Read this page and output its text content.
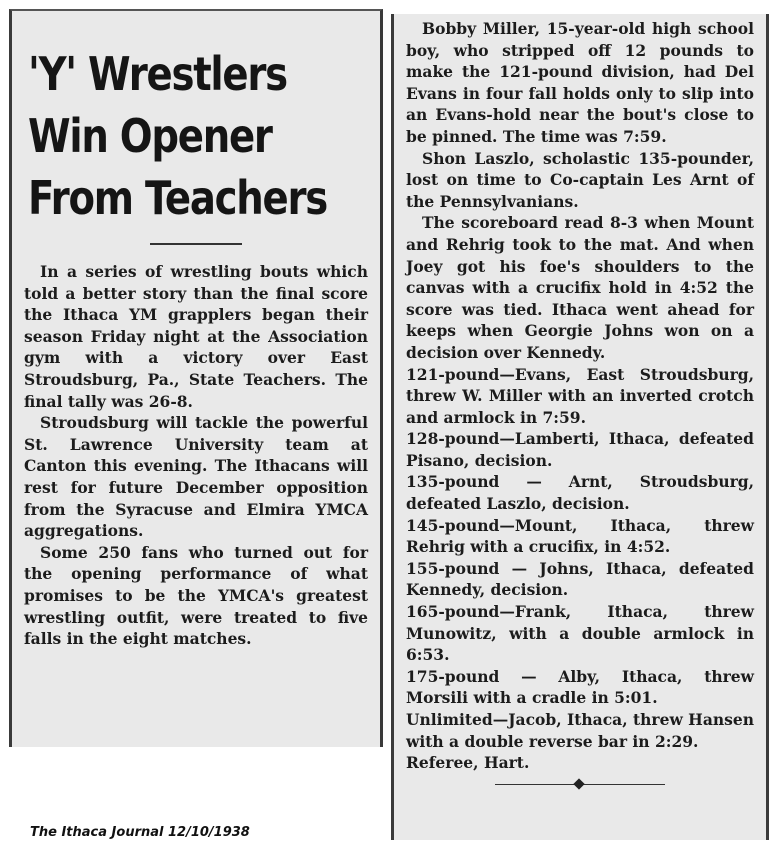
'Y' Wrestlers
Win Opener
From Teachers

In a series of wrestling bouts which told a better story than the final score the Ithaca YM grapplers began their season Friday night at the Association gym with a victory over East Stroudsburg, Pa., State Teachers. The final tally was 26-8.

Stroudsburg will tackle the powerful St. Lawrence University team at Canton this evening. The Ithacans will rest for future December opposition from the Syracuse and Elmira YMCA aggregations.

Some 250 fans who turned out for the opening performance of what promises to be the YMCA's greatest wrestling outfit, were treated to five falls in the eight matches.

Bobby Miller, 15-year-old high school boy, who stripped off 12 pounds to make the 121-pound division, had Del Evans in four fall holds only to slip into an Evans-hold near the bout's close to be pinned. The time was 7:59.

Shon Laszlo, scholastic 135-pounder, lost on time to Co-captain Les Arnt of the Pennsylvanians.

The scoreboard read 8-3 when Mount and Rehrig took to the mat. And when Joey got his foe's shoulders to the canvas with a crucifix hold in 4:52 the score was tied. Ithaca went ahead for keeps when Georgie Johns won on a decision over Kennedy.

121-pound—Evans, East Stroudsburg, threw W. Miller with an inverted crotch and armlock in 7:59.

128-pound—Lamberti, Ithaca, defeated Pisano, decision.

135-pound — Arnt, Stroudsburg, defeated Laszlo, decision.

145-pound—Mount, Ithaca, threw Rehrig with a crucifix, in 4:52.

155-pound — Johns, Ithaca, defeated Kennedy, decision.

165-pound—Frank, Ithaca, threw Munowitz, with a double armlock in 6:53.

175-pound — Alby, Ithaca, threw Morsili with a cradle in 5:01.

Unlimited—Jacob, Ithaca, threw Hansen with a double reverse bar in 2:29.

Referee, Hart.

The Ithaca Journal 12/10/1938
